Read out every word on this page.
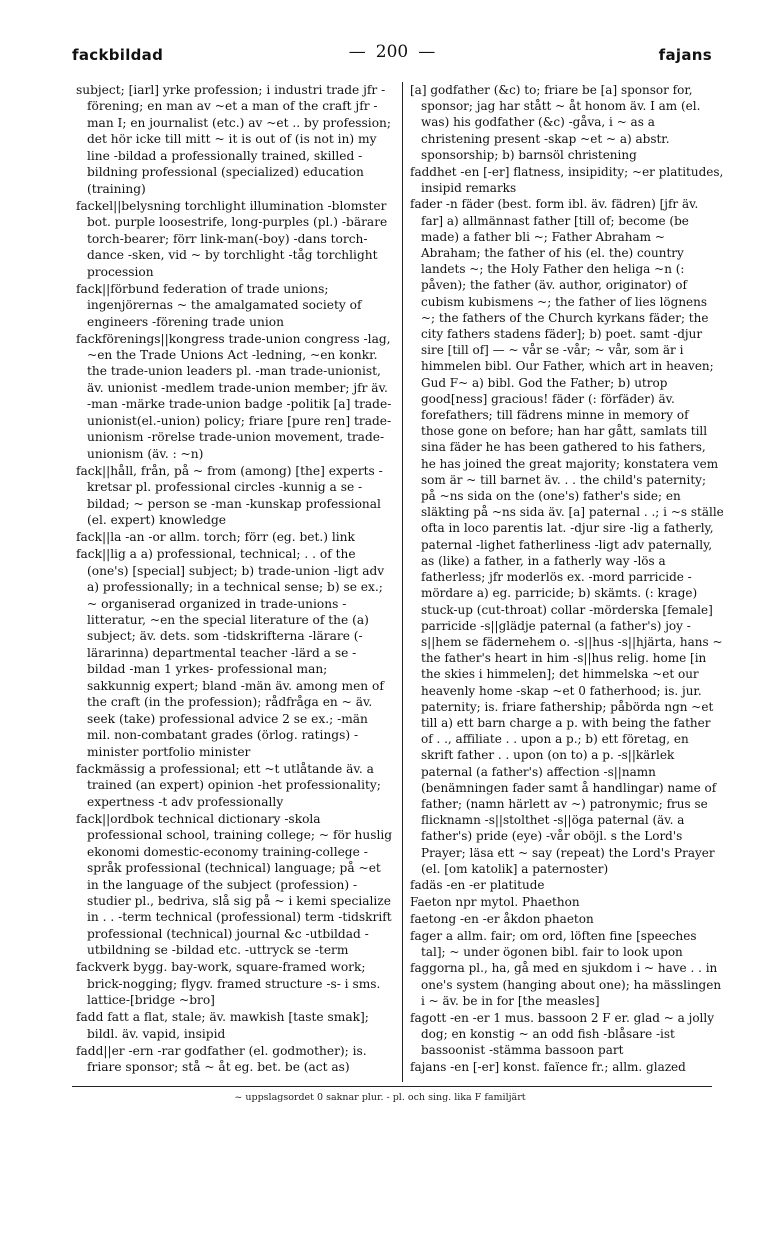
fackbildad	— 200 —	fajans

subject; [iarl] yrke profession; i industri trade jfr -förening; en man av ~et a man of the craft jfr -man I; en journalist (etc.) av ~et .. by profession; det hör icke till mitt ~ it is out of (is not in) my line -bildad a professionally trained, skilled -bildning professional (specialized) education (training)

fackel||belysning torchlight illumination -blomster bot. purple loosestrife, long-purples (pl.) -bärare torch-bearer; förr link-man(-boy) -dans torch-dance -sken, vid ~ by torchlight -tåg torchlight procession

fack||förbund federation of trade unions; ingenjörernas ~ the amalgamated society of engineers -förening trade union

fackförenings||kongress trade-union congress -lag, ~en the Trade Unions Act -ledning, ~en konkr. the trade-union leaders pl. -man trade-unionist, äv. unionist -medlem trade-union member; jfr äv. -man -märke trade-union badge -politik [a] trade-unionist(el.-union) policy; friare [pure ren] trade-unionism -rörelse trade-union movement, trade-unionism (äv. : ~n)

fack||håll, från, på ~ from (among) [the] experts -kretsar pl. professional circles -kunnig a se -bildad; ~ person se -man -kunskap professional (el. expert) knowledge

fack||la -an -or allm. torch; förr (eg. bet.) link

fack||lig a a) professional, technical; . . of the (one's) [special] subject; b) trade-union -ligt adv a) professionally; in a technical sense; b) se ex.; ~ organiserad organized in trade-unions -litteratur, ~en the special literature of the (a) subject; äv. dets. som -tidskrifterna -lärare (-lärarinna) departmental teacher -lärd a se -bildad -man 1 yrkes- professional man; sakkunnig expert; bland -män äv. among men of the craft (in the profession); rådfråga en ~ äv. seek (take) professional advice 2 se ex.; -män mil. non-combatant grades (örlog. ratings) -minister portfolio minister

fackmässig a professional; ett ~t utlåtande äv. a trained (an expert) opinion -het professionality; expertness -t adv professionally

fack||ordbok technical dictionary -skola professional school, training college; ~ för huslig ekonomi domestic-economy training-college -språk professional (technical) language; på ~et in the language of the subject (profession) -studier pl., bedriva, slå sig på ~ i kemi specialize in . . -term technical (professional) term -tidskrift professional (technical) journal &c -utbildad -utbildning se -bildad etc. -uttryck se -term

fackverk bygg. bay-work, square-framed work; brick-nogging; flygv. framed structure -s- i sms. lattice-[bridge ~bro]

fadd fatt a flat, stale; äv. mawkish [taste smak]; bildl. äv. vapid, insipid

fadd||er -ern -rar godfather (el. godmother); is. friare sponsor; stå ~ åt eg. bet. be (act as)

[a] godfather (&c) to; friare be [a] sponsor for, sponsor; jag har stått ~ åt honom äv. I am (el. was) his godfather (&c) -gåva, i ~ as a christening present -skap ~et ~ a) abstr. sponsorship; b) barnsöl christening

faddhet -en [-er] flatness, insipidity; ~er platitudes, insipid remarks

fader -n fäder (best. form ibl. äv. fädren) [jfr äv. far] a) allmännast father [till of; become (be made) a father bli ~; Father Abraham ~ Abraham; the father of his (el. the) country landets ~; the Holy Father den heliga ~n (: påven); the father (äv. author, originator) of cubism kubismens ~; the father of lies lögnens ~; the fathers of the Church kyrkans fäder; the city fathers stadens fäder]; b) poet. samt -djur sire [till of] — ~ vår se -vår; ~ vår, som är i himmelen bibl. Our Father, which art in heaven; Gud F~ a) bibl. God the Father; b) utrop good[ness] gracious! fäder (: förfäder) äv. forefathers; till fädrens minne in memory of those gone on before; han har gått, samlats till sina fäder he has been gathered to his fathers, he has joined the great majority; konstatera vem som är ~ till barnet äv. . . the child's paternity; på ~ns sida on the (one's) father's side; en släkting på ~ns sida äv. [a] paternal . .; i ~s ställe ofta in loco parentis lat. -djur sire -lig a fatherly, paternal -lighet fatherliness -ligt adv paternally, as (like) a father, in a fatherly way -lös a fatherless; jfr moderlös ex. -mord parricide -mördare a) eg. parricide; b) skämts. (: krage) stuck-up (cut-throat) collar -mörderska [female] parricide -s||glädje paternal (a father's) joy -s||hem se fädernehem o. -s||hus -s||hjärta, hans ~ the father's heart in him -s||hus relig. home [in the skies i himmelen]; det himmelska ~et our heavenly home -skap ~et 0 fatherhood; is. jur. paternity; is. friare fathership; påbörda ngn ~et till a) ett barn charge a p. with being the father of . ., affiliate . . upon a p.; b) ett företag, en skrift father . . upon (on to) a p. -s||kärlek paternal (a father's) affection -s||namn (benämningen fader samt å handlingar) name of father; (namn härlett av ~) patronymic; frus se flicknamn -s||stolthet -s||öga paternal (äv. a father's) pride (eye) -vår oböjl. s the Lord's Prayer; läsa ett ~ say (repeat) the Lord's Prayer (el. [om katolik] a paternoster)

fadäs -en -er platitude

Faeton npr mytol. Phaethon

faetong -en -er åkdon phaeton

fager a allm. fair; om ord, löften fine [speeches tal]; ~ under ögonen bibl. fair to look upon

faggorna pl., ha, gå med en sjukdom i ~ have . . in one's system (hanging about one); ha mässlingen i ~ äv. be in for [the measles]

fagott -en -er 1 mus. bassoon 2 F er. glad ~ a jolly dog; en konstig ~ an odd fish -blåsare -ist bassoonist -stämma bassoon part

fajans -en [-er] konst. faïence fr.; allm. glazed

~ uppslagsordet 0 saknar plur. - pl. och sing. lika F familjärt
